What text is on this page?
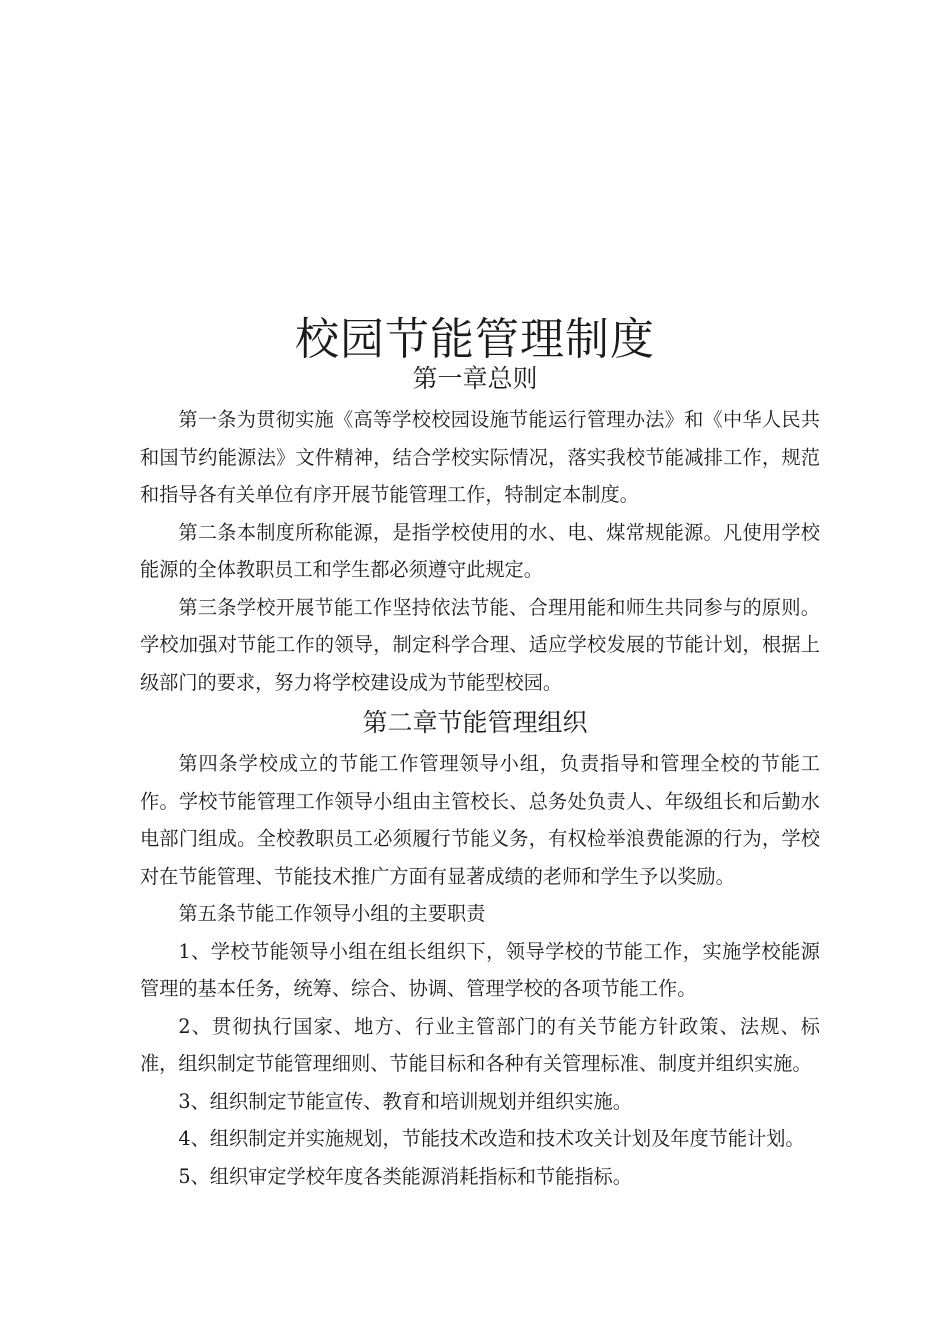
校园节能管理制度
第一章总则

第一条为贯彻实施《高等学校校园设施节能运行管理办法》和《中华人民共和国节约能源法》文件精神，结合学校实际情况，落实我校节能减排工作，规范和指导各有关单位有序开展节能管理工作，特制定本制度。

第二条本制度所称能源，是指学校使用的水、电、煤常规能源。凡使用学校能源的全体教职员工和学生都必须遵守此规定。

第三条学校开展节能工作坚持依法节能、合理用能和师生共同参与的原则。学校加强对节能工作的领导，制定科学合理、适应学校发展的节能计划，根据上级部门的要求，努力将学校建设成为节能型校园。

第二章节能管理组织

第四条学校成立的节能工作管理领导小组，负责指导和管理全校的节能工作。学校节能管理工作领导小组由主管校长、总务处负责人、年级组长和后勤水电部门组成。全校教职员工必须履行节能义务，有权检举浪费能源的行为，学校对在节能管理、节能技术推广方面有显著成绩的老师和学生予以奖励。

第五条节能工作领导小组的主要职责

1、学校节能领导小组在组长组织下，领导学校的节能工作，实施学校能源管理的基本任务，统筹、综合、协调、管理学校的各项节能工作。

2、贯彻执行国家、地方、行业主管部门的有关节能方针政策、法规、标准，组织制定节能管理细则、节能目标和各种有关管理标准、制度并组织实施。

3、组织制定节能宣传、教育和培训规划并组织实施。

4、组织制定并实施规划，节能技术改造和技术攻关计划及年度节能计划。

5、组织审定学校年度各类能源消耗指标和节能指标。
